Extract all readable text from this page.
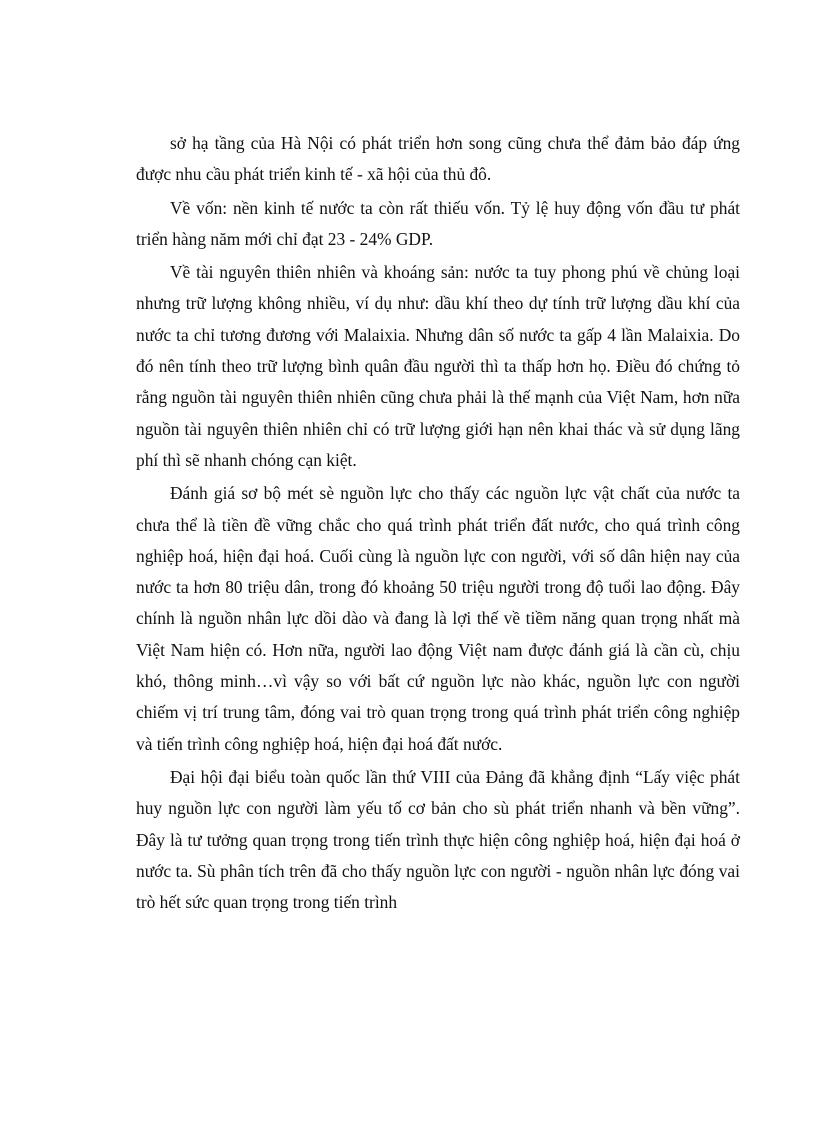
sở hạ tầng của Hà Nội có phát triển hơn song cũng chưa thể đảm bảo đáp ứng được nhu cầu phát triển kinh tế - xã hội của thủ đô.

Về vốn: nền kinh tế nước ta còn rất thiếu vốn. Tỷ lệ huy động vốn đầu tư phát triển hàng năm mới chỉ đạt 23 - 24% GDP.

Về tài nguyên thiên nhiên và khoáng sản: nước ta tuy phong phú về chủng loại nhưng trữ lượng không nhiều, ví dụ như: dầu khí theo dự tính trữ lượng dầu khí của nước ta chỉ tương đương với Malaixia. Nhưng dân số nước ta gấp 4 lần Malaixia. Do đó nên tính theo trữ lượng bình quân đầu người thì ta thấp hơn họ. Điều đó chứng tỏ rằng nguồn tài nguyên thiên nhiên cũng chưa phải là thế mạnh của Việt Nam, hơn nữa nguồn tài nguyên thiên nhiên chỉ có trữ lượng giới hạn nên khai thác và sử dụng lãng phí thì sẽ nhanh chóng cạn kiệt.

Đánh giá sơ bộ mét sè nguồn lực cho thấy các nguồn lực vật chất của nước ta chưa thể là tiền đề vững chắc cho quá trình phát triển đất nước, cho quá trình công nghiệp hoá, hiện đại hoá. Cuối cùng là nguồn lực con người, với số dân hiện nay của nước ta hơn 80 triệu dân, trong đó khoảng 50 triệu người trong độ tuổi lao động. Đây chính là nguồn nhân lực dồi dào và đang là lợi thế về tiềm năng quan trọng nhất mà Việt Nam hiện có. Hơn nữa, người lao động Việt nam được đánh giá là cần cù, chịu khó, thông minh…vì vậy so với bất cứ nguồn lực nào khác, nguồn lực con người chiếm vị trí trung tâm, đóng vai trò quan trọng trong quá trình phát triển công nghiệp và tiến trình công nghiệp hoá, hiện đại hoá đất nước.

Đại hội đại biểu toàn quốc lần thứ VIII của Đảng đã khẳng định “Lấy việc phát huy nguồn lực con người làm yếu tố cơ bản cho sù phát triển nhanh và bền vững”. Đây là tư tưởng quan trọng trong tiến trình thực hiện công nghiệp hoá, hiện đại hoá ở nước ta. Sù phân tích trên đã cho thấy nguồn lực con người - nguồn nhân lực đóng vai trò hết sức quan trọng trong tiến trình
